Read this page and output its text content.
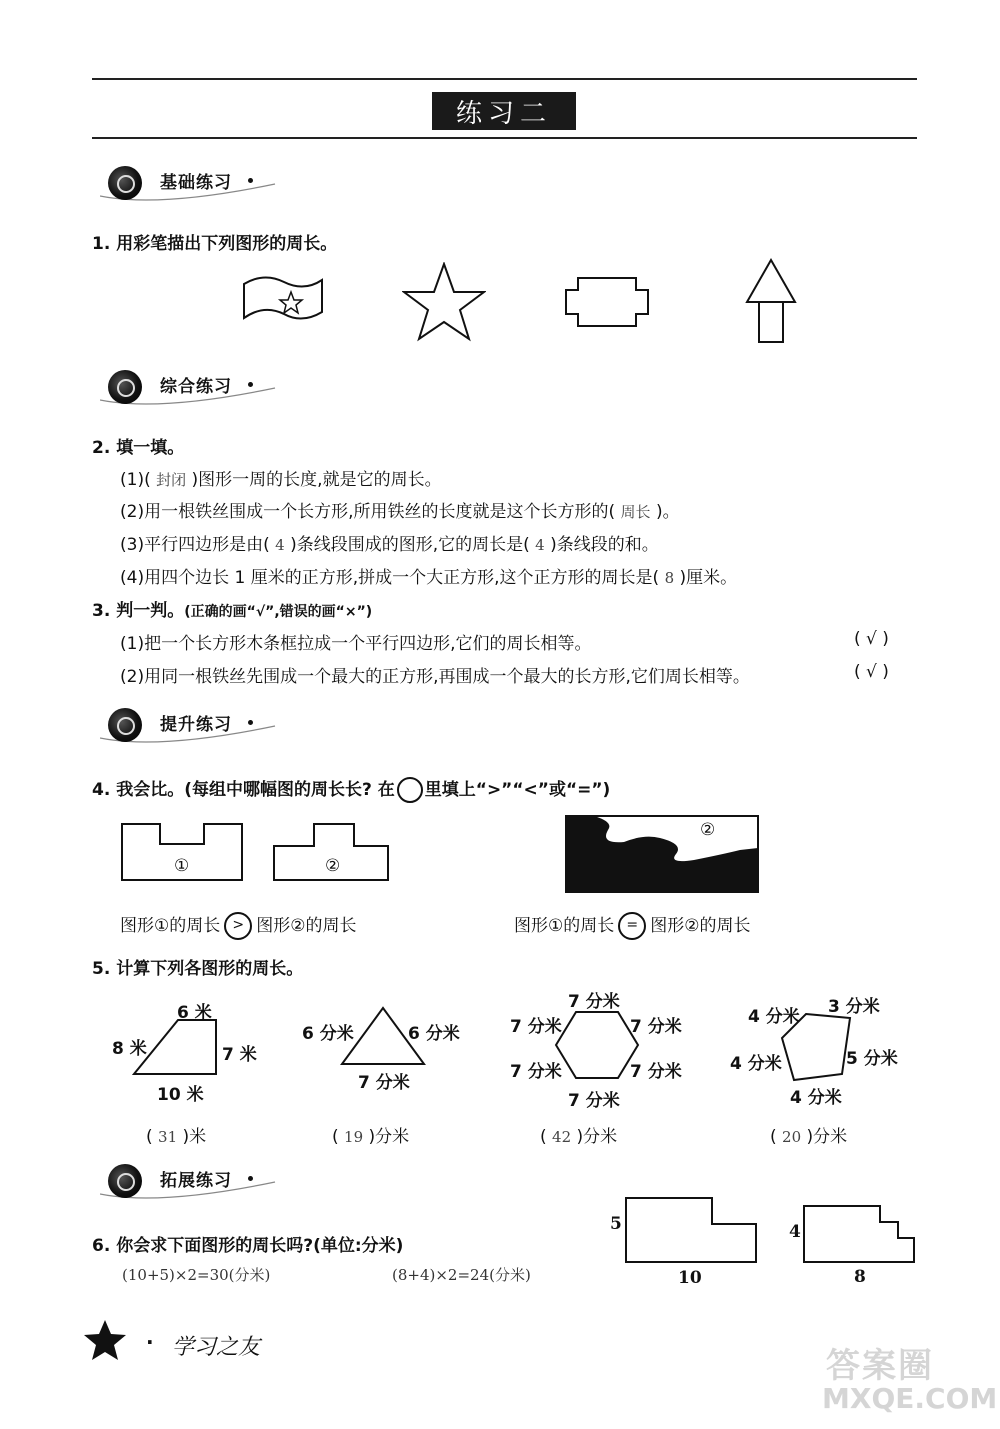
练习二
基础练习
1. 用彩笔描出下列图形的周长。
综合练习
2. 填一填。
(1)( 封闭 )图形一周的长度,就是它的周长。
(2)用一根铁丝围成一个长方形,所用铁丝的长度就是这个长方形的( 周长 )。
(3)平行四边形是由( 4 )条线段围成的图形,它的周长是( 4 )条线段的和。
(4)用四个边长 1 厘米的正方形,拼成一个大正方形,这个正方形的周长是( 8 )厘米。
3. 判一判。(正确的画“√”,错误的画“×”)
(1)把一个长方形木条框拉成一个平行四边形,它们的周长相等。	( √ )
(2)用同一根铁丝先围成一个最大的正方形,再围成一个最大的长方形,它们周长相等。	( √ )
提升练习
4. 我会比。(每组中哪幅图的周长长? 在 里填上“>”“<”或“=”)
①	②
②
图形①的周长 > 图形②的周长	图形①的周长 = 图形②的周长
5. 计算下列各图形的周长。
6 米
8 米	7 米
10 米
( 31 )米
6 分米	6 分米
7 分米
( 19 )分米
7 分米
7 分米	7 分米
7 分米	7 分米
7 分米
( 42 )分米
4 分米 3 分米
4 分米	5 分米
4 分米
( 20 )分米
拓展练习
6. 你会求下面图形的周长吗?(单位:分米)
(10+5)×2=30(分米)	(8+4)×2=24(分米)
5
10
4
8
· 学习之友	答案圈
MXQE.COM
